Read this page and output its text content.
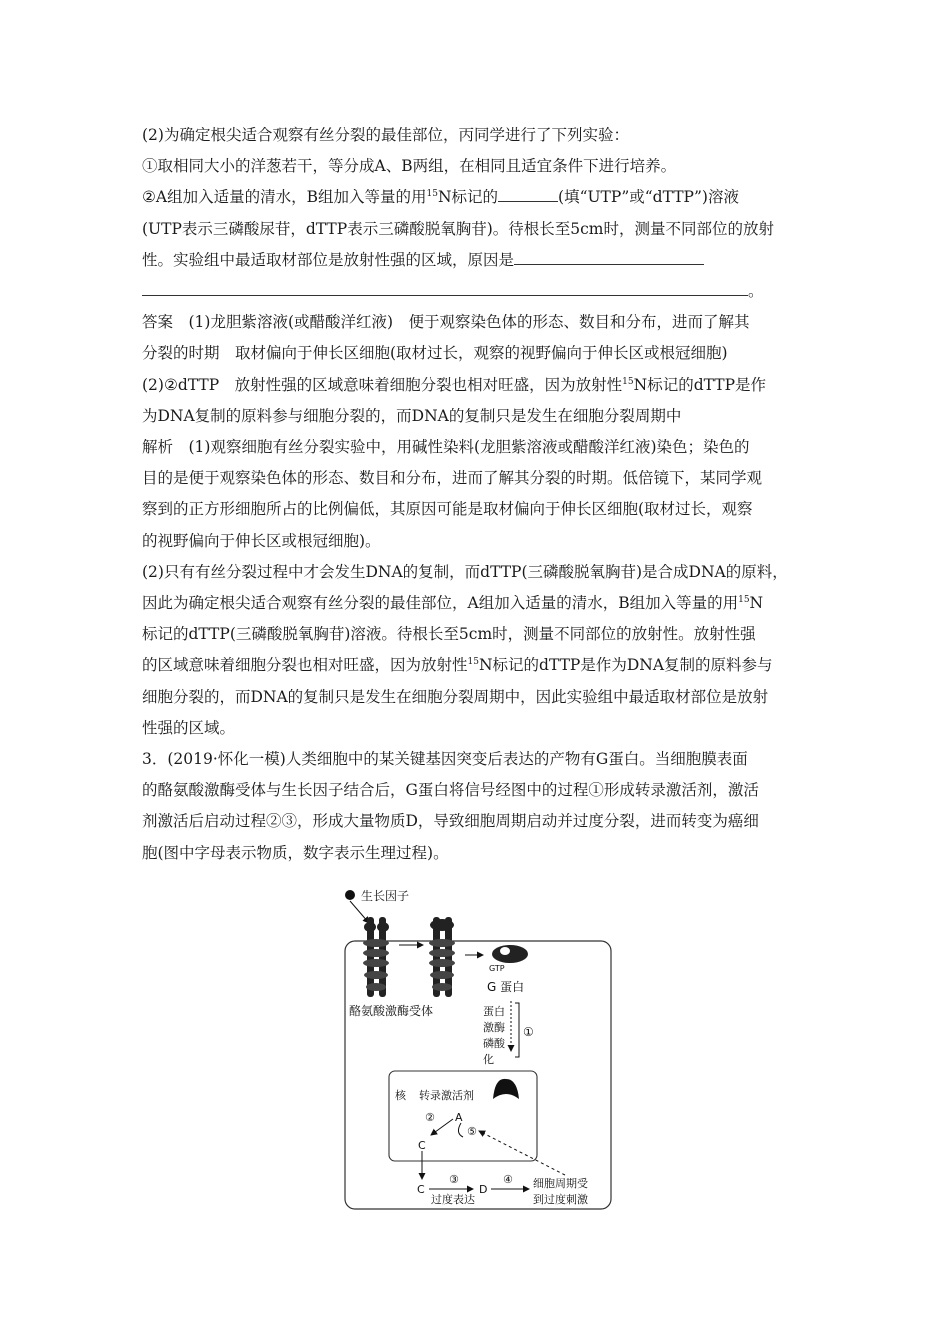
(2)为确定根尖适合观察有丝分裂的最佳部位，丙同学进行了下列实验：

①取相同大小的洋葱若干，等分成A、B两组，在相同且适宜条件下进行培养。

②A组加入适量的清水，B组加入等量的用$^{15}$N标记的	(填“UTP”或“dTTP”)溶液

(UTP表示三磷酸尿苷，dTTP表示三磷酸脱氧胸苷)。待根长至5cm时，测量不同部位的放射

性。实验组中最适取材部位是放射性强的区域，原因是

。

答案　(1)龙胆紫溶液(或醋酸洋红液)　便于观察染色体的形态、数目和分布，进而了解其

分裂的时期　取材偏向于伸长区细胞(取材过长，观察的视野偏向于伸长区或根冠细胞)

(2)②dTTP　放射性强的区域意味着细胞分裂也相对旺盛，因为放射性$^{15}$N标记的dTTP是作

为DNA复制的原料参与细胞分裂的，而DNA的复制只是发生在细胞分裂周期中

解析　(1)观察细胞有丝分裂实验中，用碱性染料(龙胆紫溶液或醋酸洋红液)染色；染色的

目的是便于观察染色体的形态、数目和分布，进而了解其分裂的时期。低倍镜下，某同学观

察到的正方形细胞所占的比例偏低，其原因可能是取材偏向于伸长区细胞(取材过长，观察

的视野偏向于伸长区或根冠细胞)。

(2)只有有丝分裂过程中才会发生DNA的复制，而dTTP(三磷酸脱氧胸苷)是合成DNA的原料，

因此为确定根尖适合观察有丝分裂的最佳部位，A组加入适量的清水，B组加入等量的用$^{15}$N

标记的dTTP(三磷酸脱氧胸苷)溶液。待根长至5cm时，测量不同部位的放射性。放射性强

的区域意味着细胞分裂也相对旺盛，因为放射性$^{15}$N标记的dTTP是作为DNA复制的原料参与

细胞分裂的，而DNA的复制只是发生在细胞分裂周期中，因此实验组中最适取材部位是放射

性强的区域。

3．(2019·怀化一模)人类细胞中的某关键基因突变后表达的产物有G蛋白。当细胞膜表面

的酪氨酸激酶受体与生长因子结合后，G蛋白将信号经图中的过程①形成转录激活剂，激活

剂激活后启动过程②③，形成大量物质D，导致细胞周期启动并过度分裂，进而转变为癌细

胞(图中字母表示物质，数字表示生理过程)。

生长因子
GTP
酪氨酸激酶受体
G 蛋白
蛋白
激酶
磷酸
化
①
核 转录激活剂
② A
⑤
C
C
③
过度表达
D
④ 细胞周期受
到过度刺激
